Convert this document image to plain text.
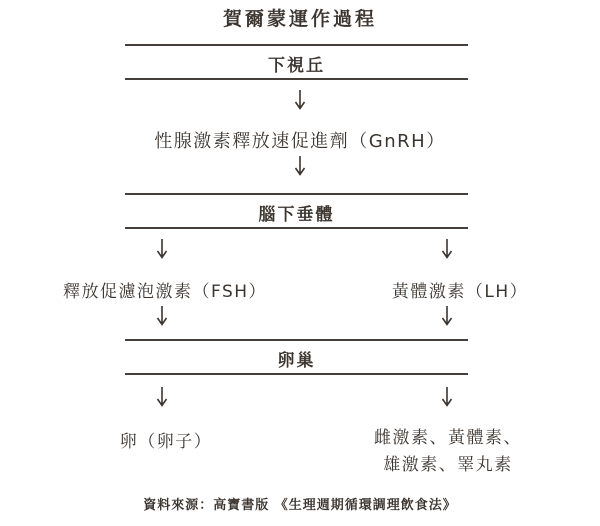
賀爾蒙運作過程
下視丘
性腺激素釋放速促進劑（GnRH）
腦下垂體
釋放促濾泡激素（FSH）	黃體激素（LH）
卵巢
卵（卵子）	雌激素、黃體素、
雄激素、睪丸素
資料來源：高寶書版 《生理週期循環調理飲食法》
